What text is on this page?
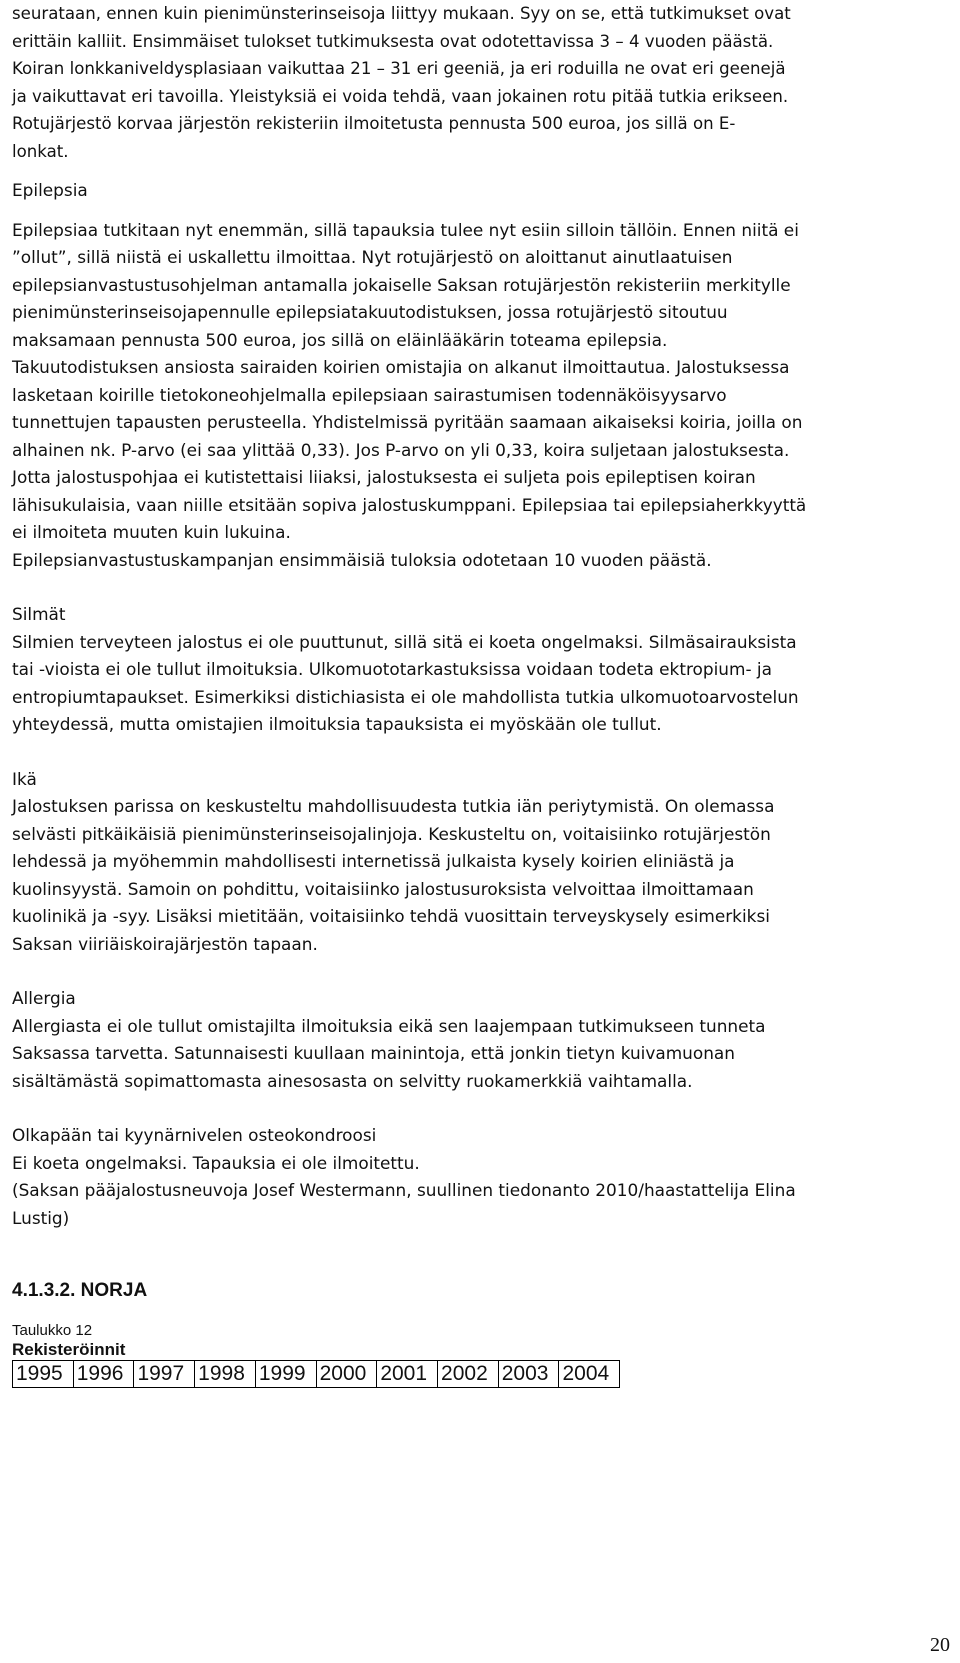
seurataan, ennen kuin pienimünsterinseisoja liittyy mukaan. Syy on se, että tutkimukset ovat

erittäin kalliit. Ensimmäiset tulokset tutkimuksesta ovat odotettavissa 3 – 4 vuoden päästä.

Koiran lonkkaniveldysplasiaan vaikuttaa 21 – 31 eri geeniä, ja eri roduilla ne ovat eri geenejä

ja vaikuttavat eri tavoilla. Yleistyksiä ei voida tehdä, vaan jokainen rotu pitää tutkia erikseen.

Rotujärjestö korvaa järjestön rekisteriin ilmoitetusta pennusta 500 euroa, jos sillä on E-

lonkat.

Epilepsia

Epilepsiaa tutkitaan nyt enemmän, sillä tapauksia tulee nyt esiin silloin tällöin. Ennen niitä ei

”ollut”, sillä niistä ei uskallettu ilmoittaa. Nyt rotujärjestö on aloittanut ainutlaatuisen

epilepsianvastustusohjelman antamalla jokaiselle Saksan rotujärjestön rekisteriin merkitylle

pienimünsterinseisojapennulle epilepsiatakuutodistuksen, jossa rotujärjestö sitoutuu

maksamaan pennusta 500 euroa, jos sillä on eläinlääkärin toteama epilepsia.

Takuutodistuksen ansiosta sairaiden koirien omistajia on alkanut ilmoittautua. Jalostuksessa

lasketaan koirille tietokoneohjelmalla epilepsiaan sairastumisen todennäköisyysarvo

tunnettujen tapausten perusteella. Yhdistelmissä pyritään saamaan aikaiseksi koiria, joilla on

alhainen nk. P-arvo (ei saa ylittää 0,33). Jos P-arvo on yli 0,33, koira suljetaan jalostuksesta.

Jotta jalostuspohjaa ei kutistettaisi liiaksi, jalostuksesta ei suljeta pois epileptisen koiran

lähisukulaisia, vaan niille etsitään sopiva jalostuskumppani. Epilepsiaa tai epilepsiaherkkyyttä

ei ilmoiteta muuten kuin lukuina.

Epilepsianvastustuskampanjan ensimmäisiä tuloksia odotetaan 10 vuoden päästä.

Silmät

Silmien terveyteen jalostus ei ole puuttunut, sillä sitä ei koeta ongelmaksi. Silmäsairauksista

tai -vioista ei ole tullut ilmoituksia. Ulkomuototarkastuksissa voidaan todeta ektropium- ja

entropiumtapaukset. Esimerkiksi distichiasista ei ole mahdollista tutkia ulkomuotoarvostelun

yhteydessä, mutta omistajien ilmoituksia tapauksista ei myöskään ole tullut.

Ikä

Jalostuksen parissa on keskusteltu mahdollisuudesta tutkia iän periytymistä. On olemassa

selvästi pitkäikäisiä pienimünsterinseisojalinjoja. Keskusteltu on, voitaisiinko rotujärjestön

lehdessä ja myöhemmin mahdollisesti internetissä julkaista kysely koirien eliniästä ja

kuolinsyystä. Samoin on pohdittu, voitaisiinko jalostusuroksista velvoittaa ilmoittamaan

kuolinikä ja -syy. Lisäksi mietitään, voitaisiinko tehdä vuosittain terveyskysely esimerkiksi

Saksan viiriäiskoirajärjestön tapaan.

Allergia

Allergiasta ei ole tullut omistajilta ilmoituksia eikä sen laajempaan tutkimukseen tunneta

Saksassa tarvetta. Satunnaisesti kuullaan mainintoja, että jonkin tietyn kuivamuonan

sisältämästä sopimattomasta ainesosasta on selvitty ruokamerkkiä vaihtamalla.

Olkapään tai kyynärnivelen osteokondroosi

Ei koeta ongelmaksi. Tapauksia ei ole ilmoitettu.

(Saksan pääjalostusneuvoja Josef Westermann, suullinen tiedonanto 2010/haastattelija Elina

Lustig)

4.1.3.2. NORJA

Taulukko 12

Rekisteröinnit

1995	1996	1997	1998	1999	2000	2001	2002	2003	2004
20
